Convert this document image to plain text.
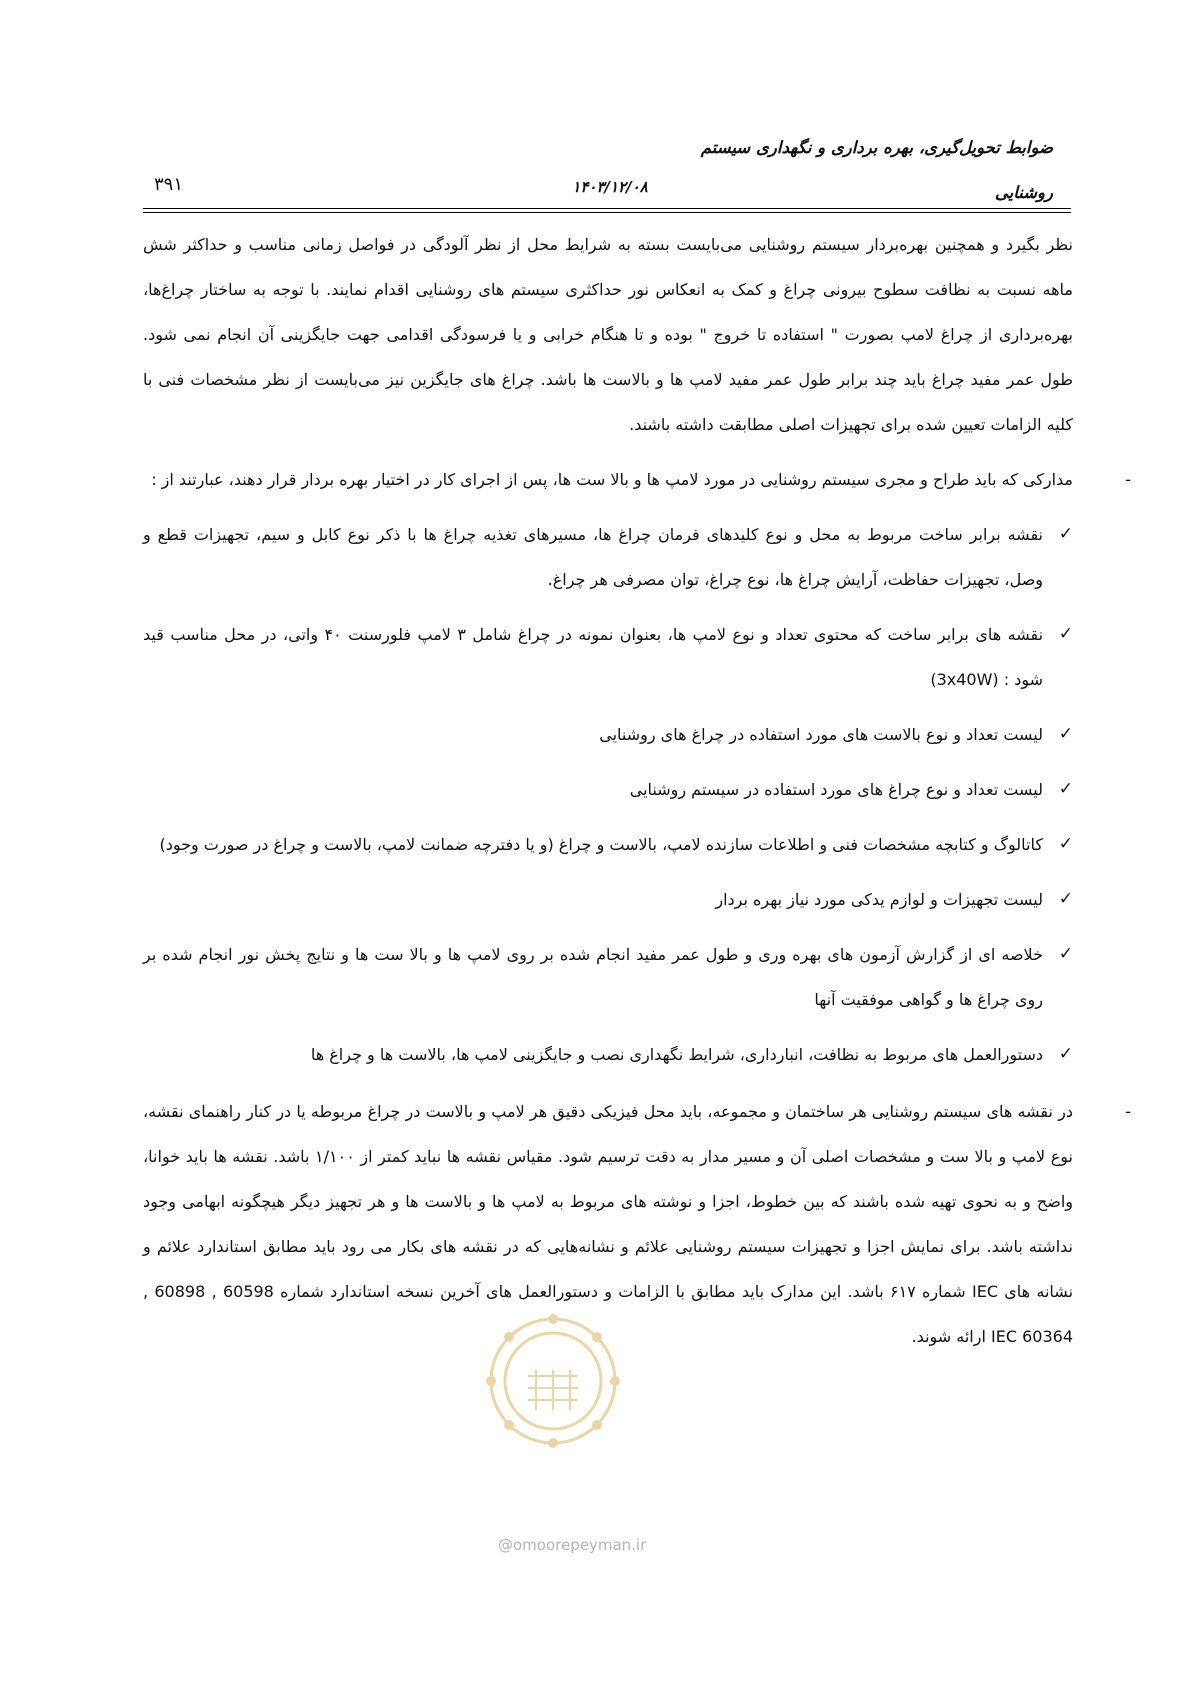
ضوابط تحویل‌گیری، بهره برداری و نگهداری سیستم
روشنایی
۱۴۰۳/۱۲/۰۸
۳۹۱

نظر بگیرد و همچنین بهره‌بردار سیستم روشنایی می‌بایست بسته به شرایط محل از نظر آلودگی در فواصل زمانی مناسب و حداکثر شش ماهه نسبت به نظافت سطوح بیرونی چراغ و کمک به انعکاس نور حداکثری سیستم های روشنایی اقدام نمایند. با توجه به ساختار چراغ‌ها، بهره‌برداری از چراغ لامپ بصورت " استفاده تا خروج " بوده و تا هنگام خرابی و یا فرسودگی اقدامی جهت جایگزینی آن انجام نمی شود. طول عمر مفید چراغ باید چند برابر طول عمر مفید لامپ ها و بالاست ها باشد. چراغ های جایگزین نیز می‌بایست از نظر مشخصات فنی با کلیه الزامات تعیین شده برای تجهیزات اصلی مطابقت داشته باشند.

-
مدارکی که باید طراح و مجری سیستم روشنایی در مورد لامپ ها و بالا ست ها، پس از اجرای کار در اختیار بهره بردار قرار دهند، عبارتند از :
✓
نقشه برابر ساخت مربوط به محل و نوع کلیدهای فرمان چراغ ها، مسیرهای تغذیه چراغ ها با ذکر نوع کابل و سیم، تجهیزات قطع و وصل، تجهیزات حفاظت، آرایش چراغ ها، نوع چراغ، توان مصرفی هر چراغ.
✓
نقشه های برابر ساخت که محتوی تعداد و نوع لامپ ها، بعنوان نمونه در چراغ شامل ۳ لامپ فلورسنت ۴۰ واتی، در محل مناسب قید شود : (3x40W)
✓
لیست تعداد و نوع بالاست های مورد استفاده در چراغ های روشنایی
✓
لیست تعداد و نوع چراغ های مورد استفاده در سیستم روشنایی
✓
کاتالوگ و کتابچه مشخصات فنی و اطلاعات سازنده لامپ، بالاست و چراغ (و یا دفترچه ضمانت لامپ، بالاست و چراغ در صورت وجود)
✓
لیست تجهیزات و لوازم یدکی مورد نیاز بهره بردار
✓
خلاصه ای از گزارش آزمون های بهره وری و طول عمر مفید انجام شده بر روی لامپ ها و بالا ست ها و نتایج پخش نور انجام شده بر روی چراغ ها و گواهی موفقیت آنها
✓
دستورالعمل های مربوط به نظافت، انبارداری، شرایط نگهداری نصب و جایگزینی لامپ ها، بالاست ها و چراغ ها
-
در نقشه های سیستم روشنایی هر ساختمان و مجموعه، باید محل فیزیکی دقیق هر لامپ و بالاست در چراغ مربوطه یا در کنار راهنمای نقشه، نوع لامپ و بالا ست و مشخصات اصلی آن و مسیر مدار به دقت ترسیم شود. مقیاس نقشه ها نباید کمتر از ۱/۱۰۰ باشد. نقشه ها باید خوانا، واضح و به نحوی تهیه شده باشند که بین خطوط، اجزا و نوشته های مربوط به لامپ ها و بالاست ها و هر تجهیز دیگر هیچگونه ابهامی وجود نداشته باشد. برای نمایش اجزا و تجهیزات سیستم روشنایی علائم و نشانه‌هایی که در نقشه های بکار می رود باید مطابق استاندارد علائم و نشانه های IEC شماره ۶۱۷ باشد. این مدارک باید مطابق با الزامات و دستورالعمل های آخرین نسخه استاندارد شماره 60598 , 60898 , IEC 60364 ارائه شوند.
@omoorepeyman.ir
